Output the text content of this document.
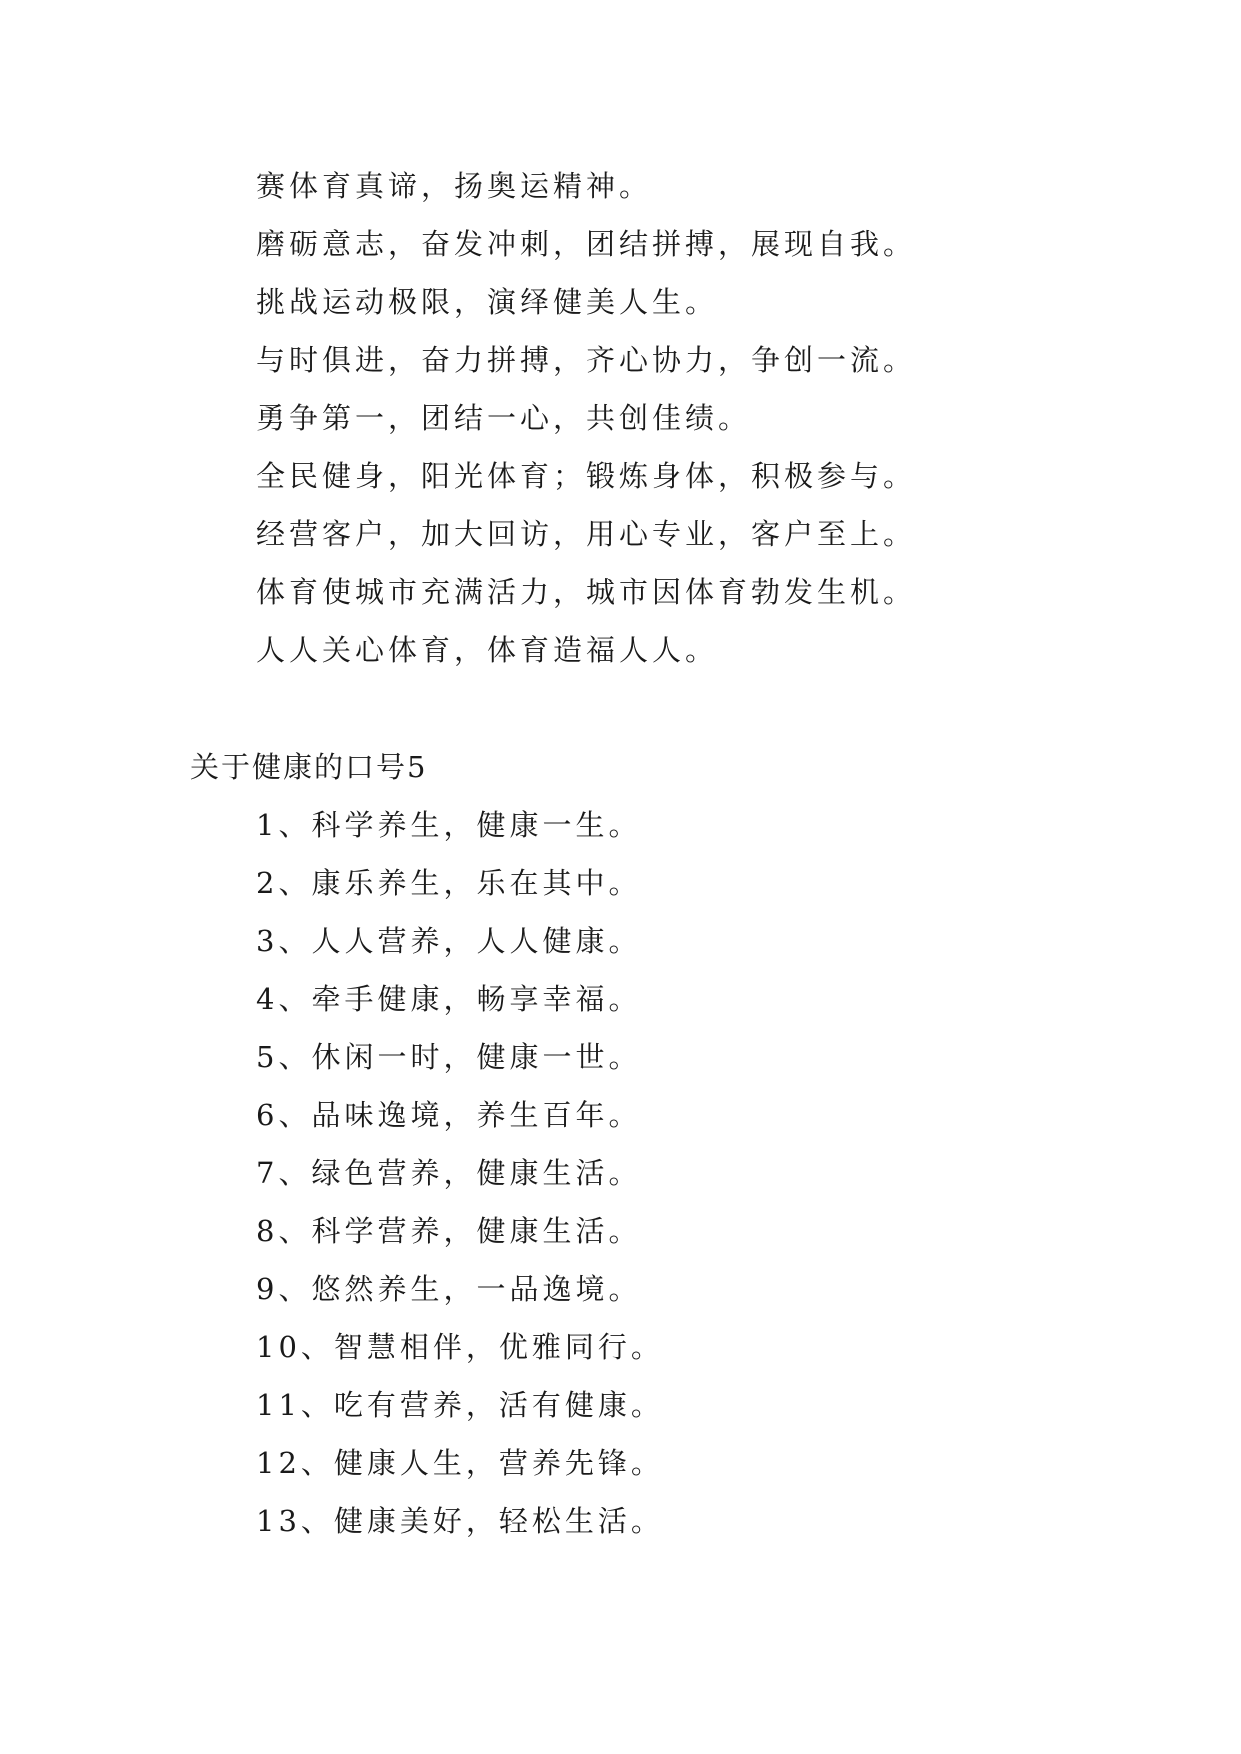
赛体育真谛，扬奥运精神。
磨砺意志，奋发冲刺，团结拼搏，展现自我。
挑战运动极限，演绎健美人生。
与时俱进，奋力拼搏，齐心协力，争创一流。
勇争第一，团结一心，共创佳绩。
全民健身，阳光体育；锻炼身体，积极参与。
经营客户，加大回访，用心专业，客户至上。
体育使城市充满活力，城市因体育勃发生机。
人人关心体育，体育造福人人。
关于健康的口号5
1、科学养生，健康一生。
2、康乐养生，乐在其中。
3、人人营养，人人健康。
4、牵手健康，畅享幸福。
5、休闲一时，健康一世。
6、品味逸境，养生百年。
7、绿色营养，健康生活。
8、科学营养，健康生活。
9、悠然养生，一品逸境。
10、智慧相伴，优雅同行。
11、吃有营养，活有健康。
12、健康人生，营养先锋。
13、健康美好，轻松生活。
